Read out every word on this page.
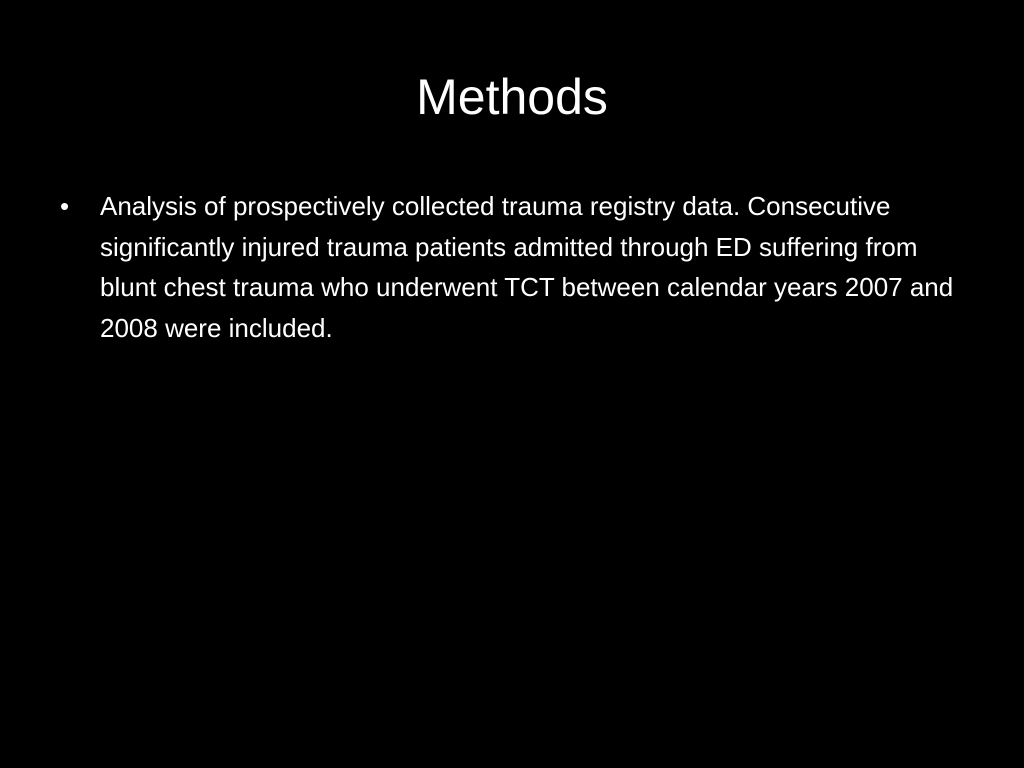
Methods
• Analysis of prospectively collected trauma registry data. Consecutive significantly injured trauma patients admitted through ED suffering from blunt chest trauma who underwent TCT between calendar years 2007 and 2008 were included.
